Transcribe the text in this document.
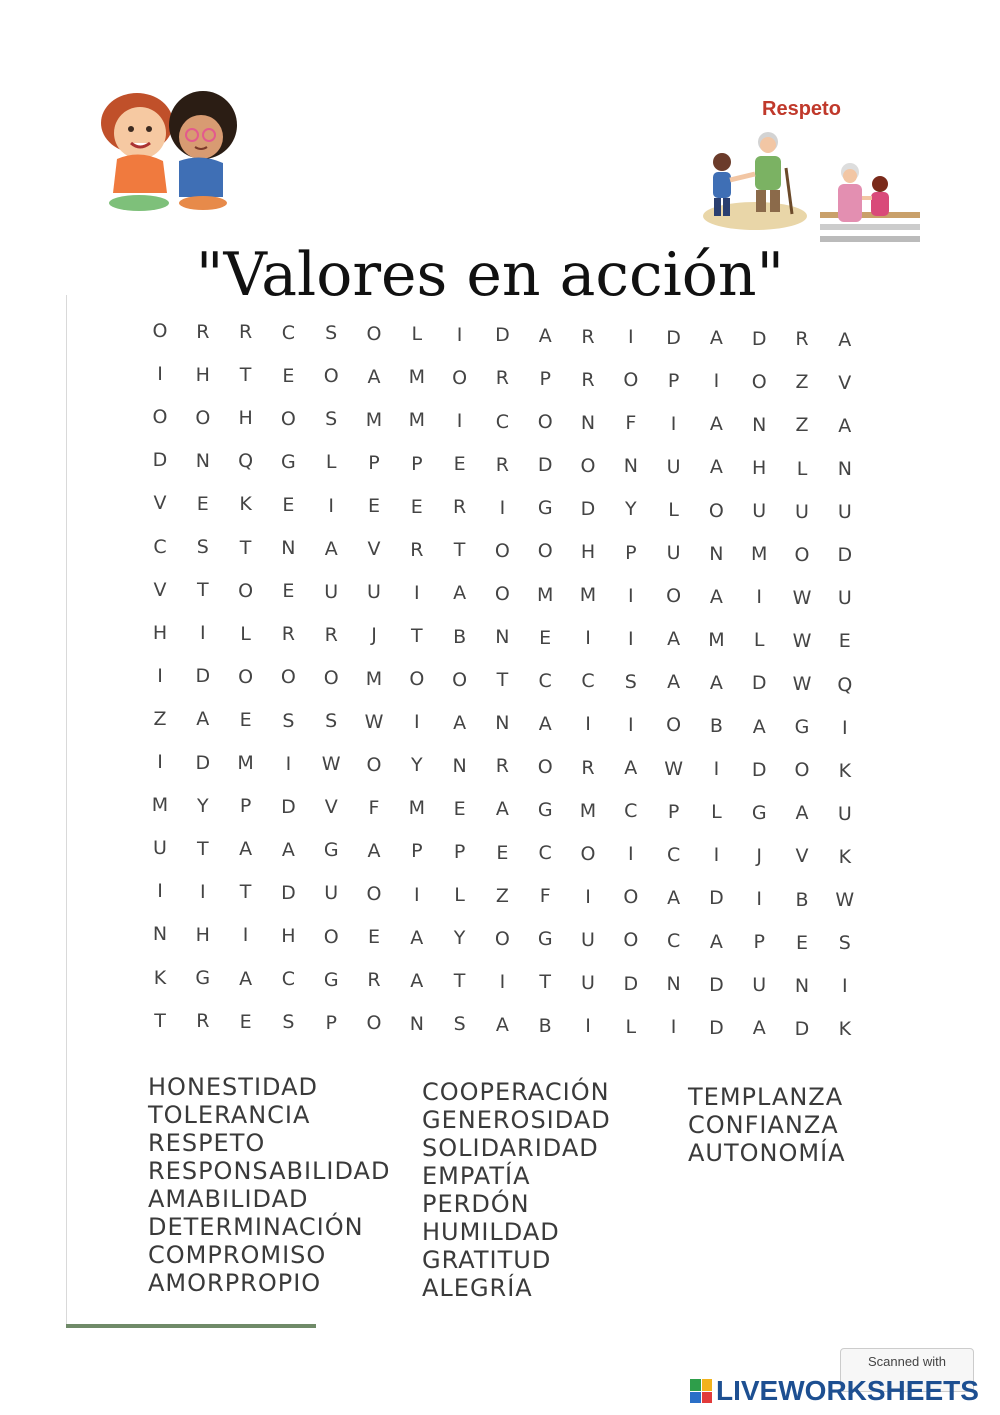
Respeto
"Valores en acción"
O	R	R	C	S	O	L	I	D	A	R	I	D	A	D	R	A
I	H	T	E	O	A	M	O	R	P	R	O	P	I	O	Z	V
O	O	H	O	S	M	M	I	C	O	N	F	I	A	N	Z	A
D	N	Q	G	L	P	P	E	R	D	O	N	U	A	H	L	N
V	E	K	E	I	E	E	R	I	G	D	Y	L	O	U	U	U
C	S	T	N	A	V	R	T	O	O	H	P	U	N	M	O	D
V	T	O	E	U	U	I	A	O	M	M	I	O	A	I	W	U
H	I	L	R	R	J	T	B	N	E	I	I	A	M	L	W	E
I	D	O	O	O	M	O	O	T	C	C	S	A	A	D	W	Q
Z	A	E	S	S	W	I	A	N	A	I	I	O	B	A	G	I
I	D	M	I	W	O	Y	N	R	O	R	A	W	I	D	O	K
M	Y	P	D	V	F	M	E	A	G	M	C	P	L	G	A	U
U	T	A	A	G	A	P	P	E	C	O	I	C	I	J	V	K
I	I	T	D	U	O	I	L	Z	F	I	O	A	D	I	B	W
N	H	I	H	O	E	A	Y	O	G	U	O	C	A	P	E	S
K	G	A	C	G	R	A	T	I	T	U	D	N	D	U	N	I
T	R	E	S	P	O	N	S	A	B	I	L	I	D	A	D	K
HONESTIDAD
TOLERANCIA
RESPETO
RESPONSABILIDAD
AMABILIDAD
DETERMINACIÓN
COMPROMISO
AMORPROPIO
COOPERACIÓN
GENEROSIDAD
SOLIDARIDAD
EMPATÍA
PERDÓN
HUMILDAD
GRATITUD
ALEGRÍA
TEMPLANZA
CONFIANZA
AUTONOMÍA
Scanned with
LIVEWORKSHEETS
